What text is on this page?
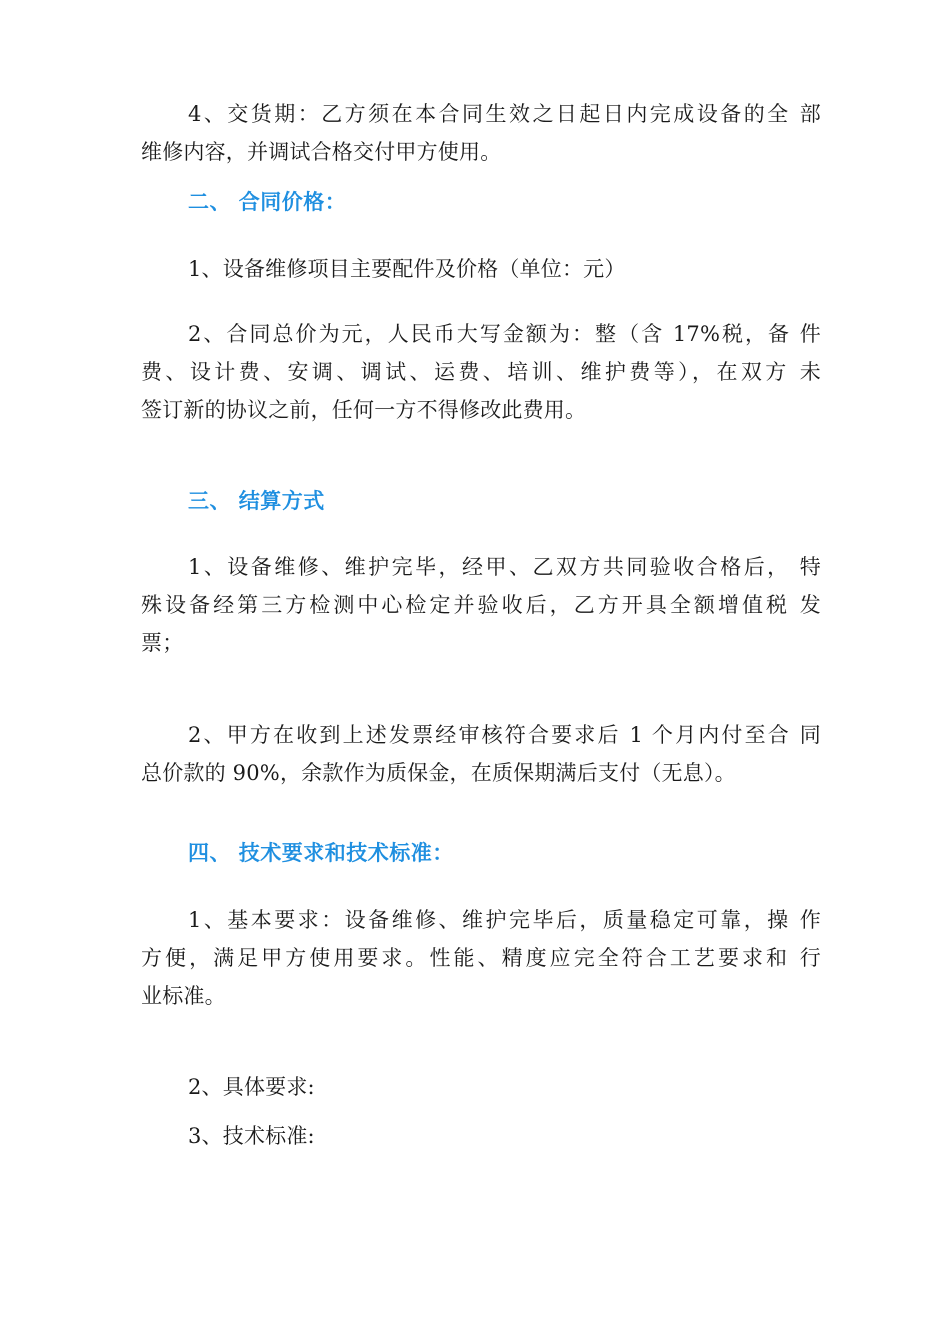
4、交货期：乙方须在本合同生效之日起日内完成设备的全 部
维修内容，并调试合格交付甲方使用。

二、 合同价格：

1、设备维修项目主要配件及价格（单位：元）

2、合同总价为元，人民币大写金额为：整（含 17%税，备 件
费、设计费、安调、调试、运费、培训、维护费等），在双方 未
签订新的协议之前，任何一方不得修改此费用。

三、 结算方式

1、设备维修、维护完毕，经甲、乙双方共同验收合格后， 特
殊设备经第三方检测中心检定并验收后，乙方开具全额增值税 发
票；

2、甲方在收到上述发票经审核符合要求后 1 个月内付至合 同
总价款的 90%，余款作为质保金，在质保期满后支付（无息）。

四、 技术要求和技术标准：

1、基本要求：设备维修、维护完毕后，质量稳定可靠，操 作
方便，满足甲方使用要求。性能、精度应完全符合工艺要求和 行
业标准。

2、具体要求:

3、技术标准:
